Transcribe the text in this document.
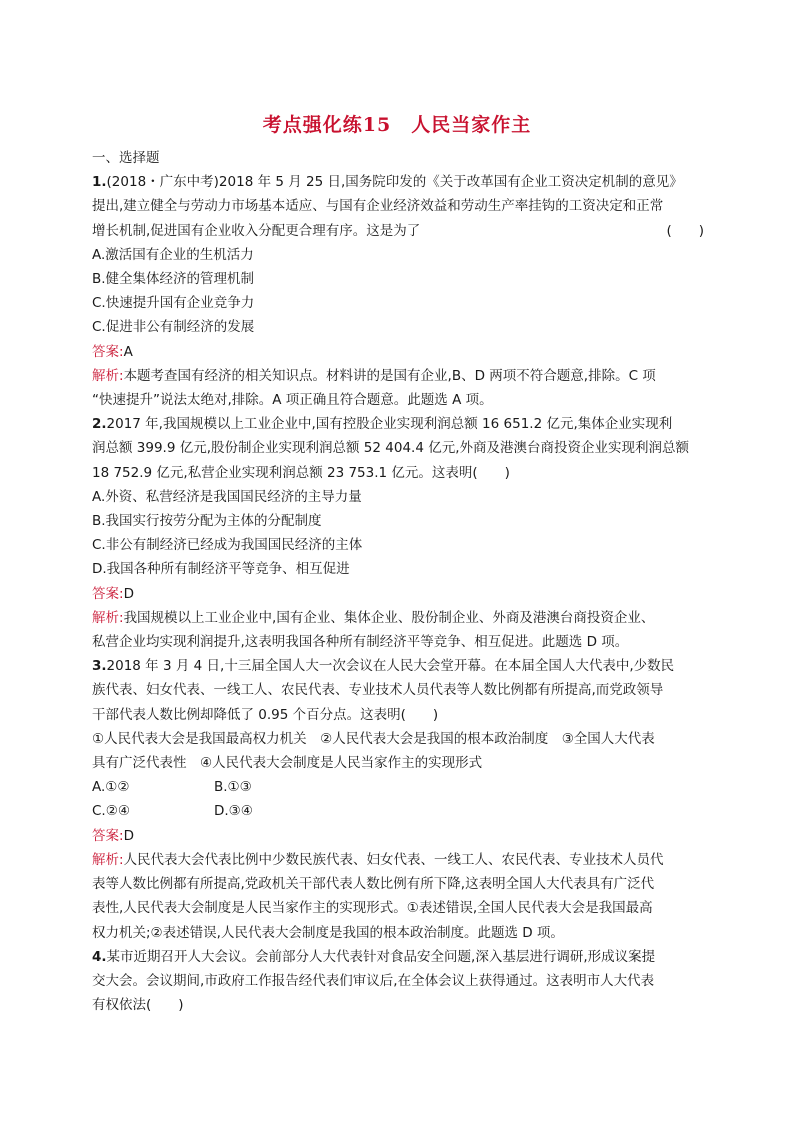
考点强化练15　人民当家作主
一、选择题
1.(2018・广东中考)2018 年 5 月 25 日,国务院印发的《关于改革国有企业工资决定机制的意见》
提出,建立健全与劳动力市场基本适应、与国有企业经济效益和劳动生产率挂钩的工资决定和正常
增长机制,促进国有企业收入分配更合理有序。这是为了	(　　)
A.激活国有企业的生机活力
B.健全集体经济的管理机制
C.快速提升国有企业竞争力
C.促进非公有制经济的发展
答案:A
解析:本题考查国有经济的相关知识点。材料讲的是国有企业,B、D 两项不符合题意,排除。C 项
“快速提升”说法太绝对,排除。A 项正确且符合题意。此题选 A 项。
2.2017 年,我国规模以上工业企业中,国有控股企业实现利润总额 16 651.2 亿元,集体企业实现利
润总额 399.9 亿元,股份制企业实现利润总额 52 404.4 亿元,外商及港澳台商投资企业实现利润总额
18 752.9 亿元,私营企业实现利润总额 23 753.1 亿元。这表明(　　)
A.外资、私营经济是我国国民经济的主导力量
B.我国实行按劳分配为主体的分配制度
C.非公有制经济已经成为我国国民经济的主体
D.我国各种所有制经济平等竞争、相互促进
答案:D
解析:我国规模以上工业企业中,国有企业、集体企业、股份制企业、外商及港澳台商投资企业、
私营企业均实现利润提升,这表明我国各种所有制经济平等竞争、相互促进。此题选 D 项。
3.2018 年 3 月 4 日,十三届全国人大一次会议在人民大会堂开幕。在本届全国人大代表中,少数民
族代表、妇女代表、一线工人、农民代表、专业技术人员代表等人数比例都有所提高,而党政领导
干部代表人数比例却降低了 0.95 个百分点。这表明(　　)
①人民代表大会是我国最高权力机关　②人民代表大会是我国的根本政治制度　③全国人大代表
具有广泛代表性　④人民代表大会制度是人民当家作主的实现形式
A.①②	B.①③
C.②④	D.③④
答案:D
解析:人民代表大会代表比例中少数民族代表、妇女代表、一线工人、农民代表、专业技术人员代
表等人数比例都有所提高,党政机关干部代表人数比例有所下降,这表明全国人大代表具有广泛代
表性,人民代表大会制度是人民当家作主的实现形式。①表述错误,全国人民代表大会是我国最高
权力机关;②表述错误,人民代表大会制度是我国的根本政治制度。此题选 D 项。
4.某市近期召开人大会议。会前部分人大代表针对食品安全问题,深入基层进行调研,形成议案提
交大会。会议期间,市政府工作报告经代表们审议后,在全体会议上获得通过。这表明市人大代表
有权依法(　　)
